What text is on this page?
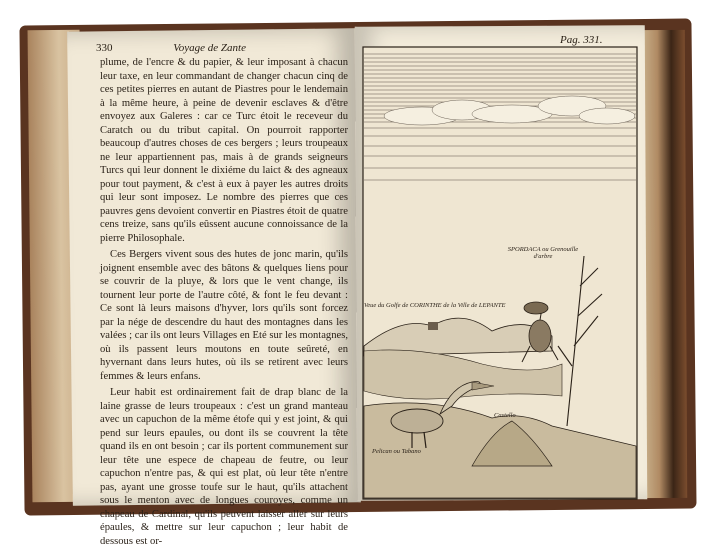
330	Voyage de Zante

plume, de l'encre & du papier, & leur imposant à chacun leur taxe, en leur commandant de changer chacun cinq de ces petites pierres en autant de Piastres pour le lendemain à la même heure, à peine de devenir esclaves & d'être envoyez aux Galeres : car ce Turc étoit le receveur du Caratch ou du tribut capital. On pourroit rapporter beaucoup d'autres choses de ces bergers ; leurs troupeaux ne leur appartiennent pas, mais à de grands seigneurs Turcs qui leur donnent le dixiéme du laict & des agneaux pour tout payment, & c'est à eux à payer les autres droits qui leur sont imposez. Le nombre des pierres que ces pauvres gens devoient convertir en Piastres étoit de quatre cens treize, sans qu'ils eûssent aucune connoissance de la pierre Philosophale.

Ces Bergers vivent sous des hutes de jonc marin, qu'ils joignent ensemble avec des bâtons & quelques liens pour se couvrir de la pluye, & lors que le vent change, ils tournent leur porte de l'autre côté, & font le feu devant : Ce sont là leurs maisons d'hyver, lors qu'ils sont forcez par la nége de descendre du haut des montagnes dans les valées ; car ils ont leurs Villages en Eté sur les montagnes, où ils passent leurs moutons en toute seûreté, en hyvernant dans leurs hutes, où ils se retirent avec leurs femmes & leurs enfans.

Leur habit est ordinairement fait de drap blanc de la laine grasse de leurs troupeaux : c'est un grand manteau avec un capuchon de la même étofe qui y est joint, & qui pend sur leurs epaules, ou dont ils se couvrent la tête quand ils en ont besoin ; car ils portent communement sur leur tête une espece de chapeau de feutre, ou leur capuchon n'entre pas, & qui est plat, où leur tête n'entre pas, ayant une grosse toufe sur le haut, qu'ils attachent sous le menton avec de longues couroyes, comme un chapeau de Cardinal, qu'ils peuvent laisser aller sur leurs épaules, & mettre sur leur capuchon ; leur habit de dessous est or-

Pag. 331.
SPORDACA ou Grenouille d'arbre
Veue du Golfe de CORINTHE de la Ville de LEPANTE
Castello
Pelican ou Tabano
